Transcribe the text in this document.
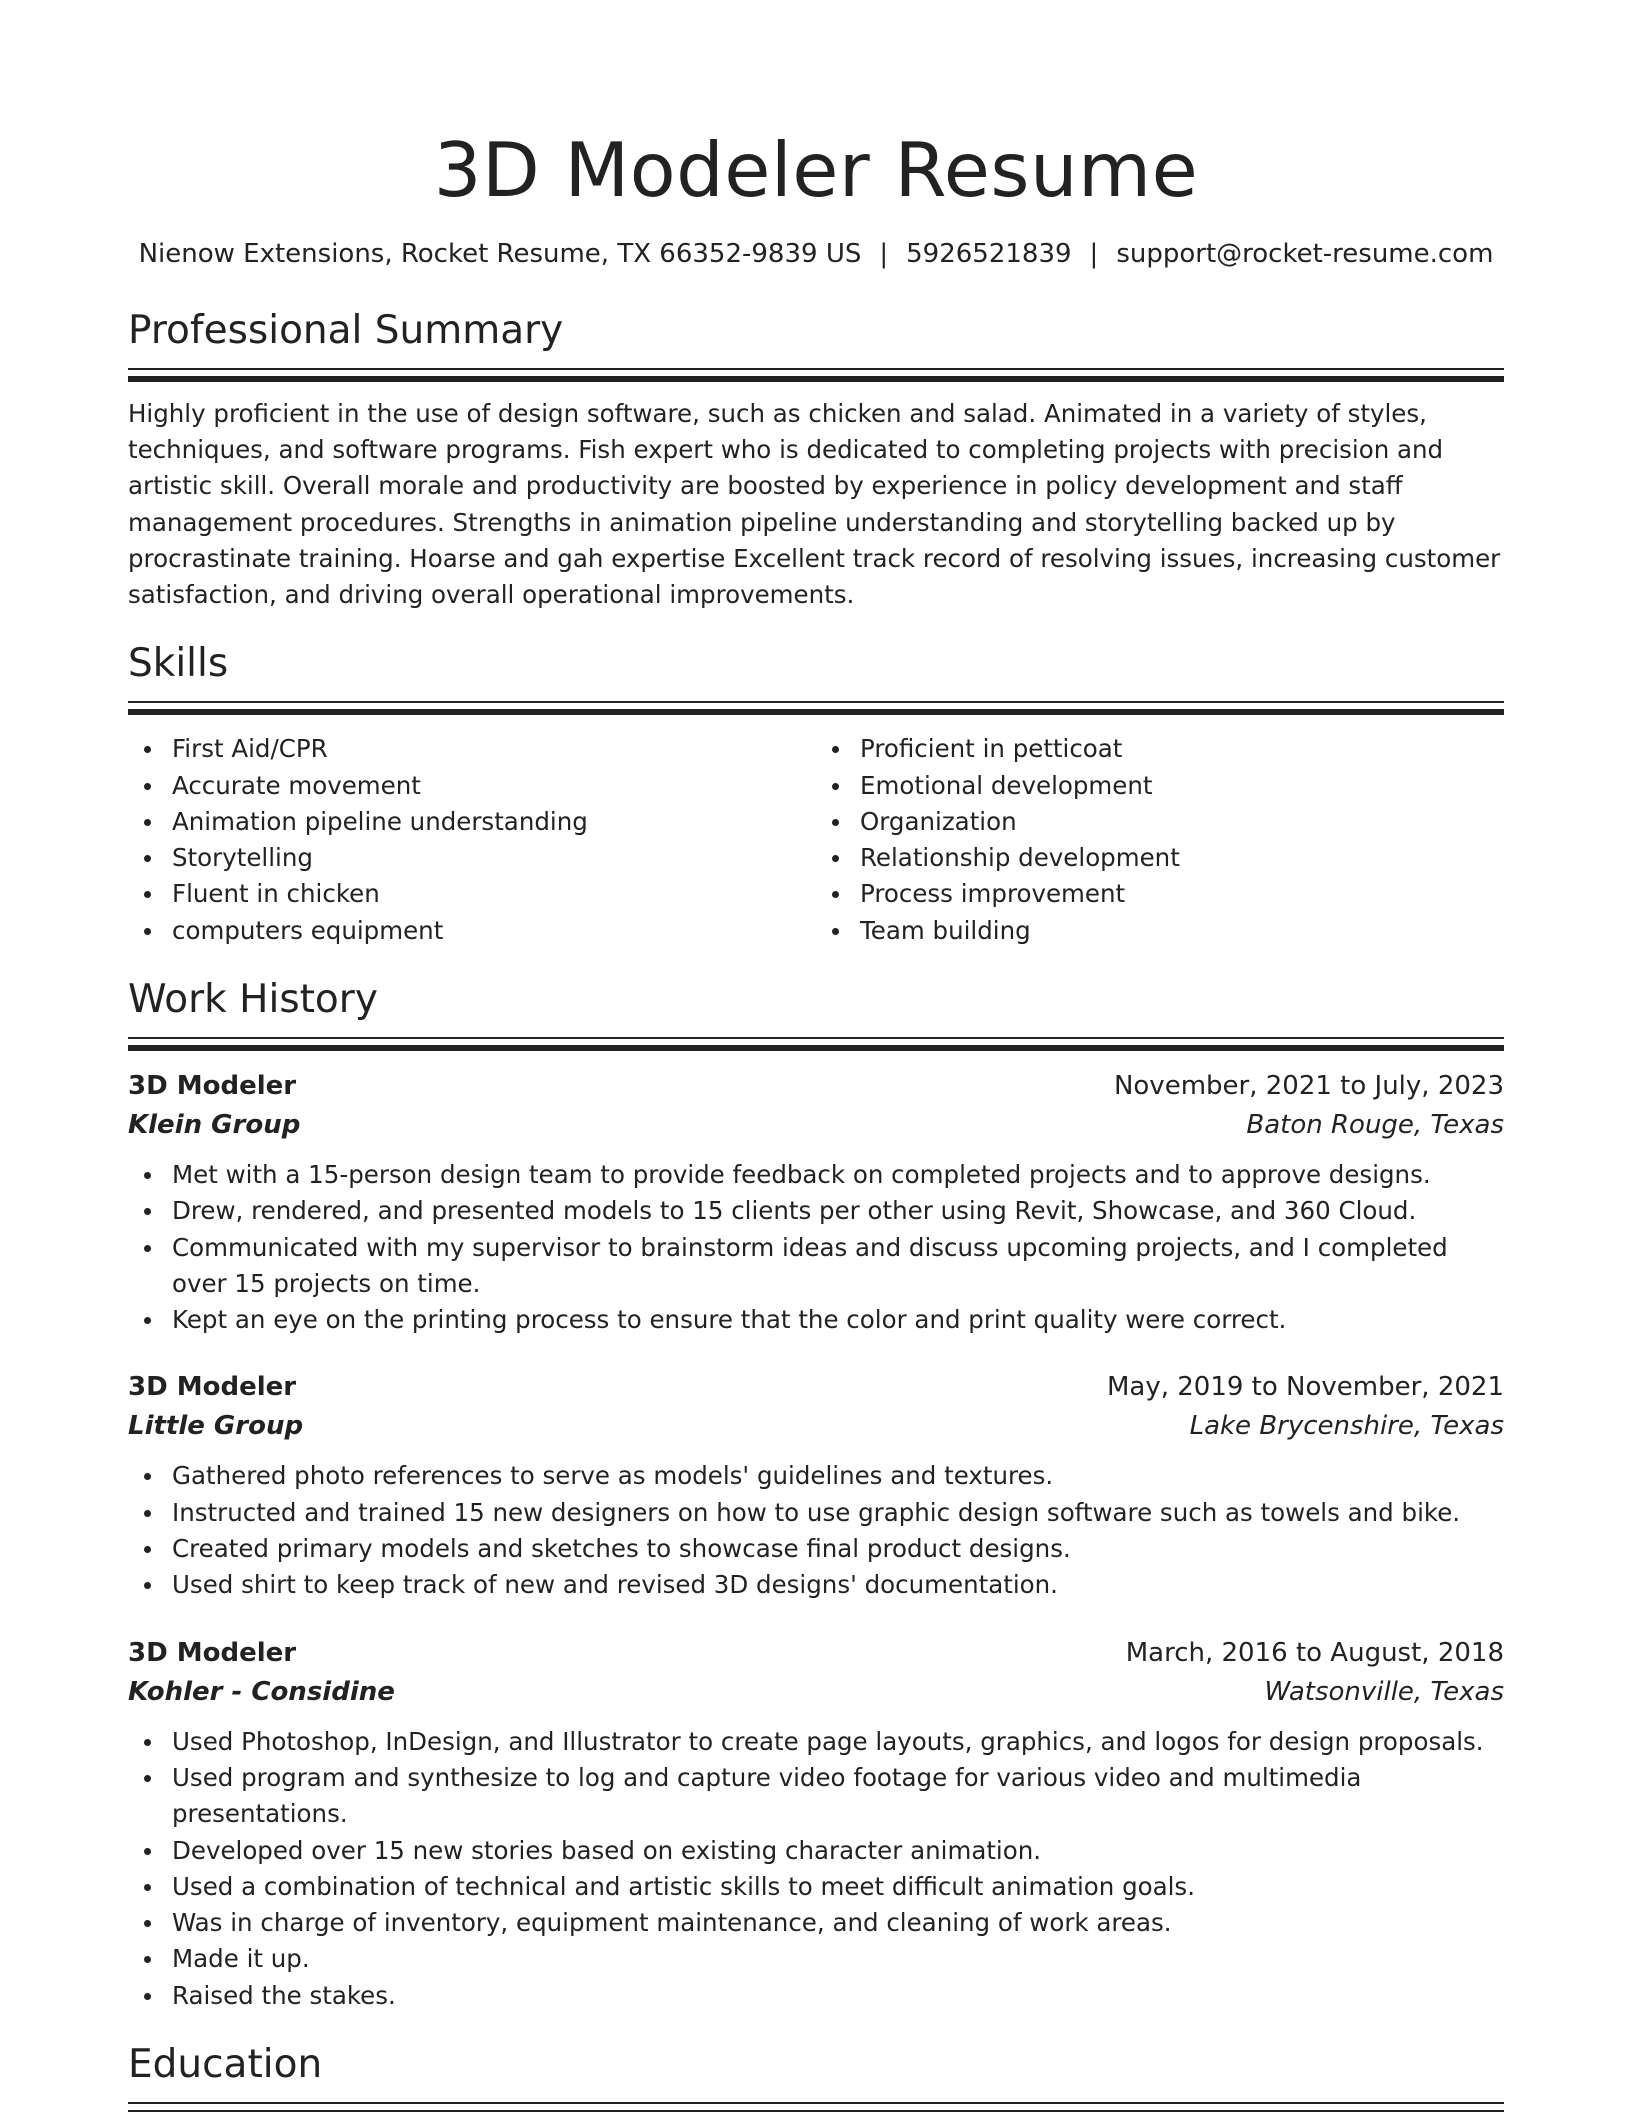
3D Modeler Resume
Nienow Extensions, Rocket Resume, TX 66352-9839 US | 5926521839 | support@rocket-resume.com
Professional Summary

Highly proficient in the use of design software, such as chicken and salad. Animated in a variety of styles, techniques, and software programs. Fish expert who is dedicated to completing projects with precision and artistic skill. Overall morale and productivity are boosted by experience in policy development and staff management procedures. Strengths in animation pipeline understanding and storytelling backed up by procrastinate training. Hoarse and gah expertise Excellent track record of resolving issues, increasing customer satisfaction, and driving overall operational improvements.

Skills
First Aid/CPR
Accurate movement
Animation pipeline understanding
Storytelling
Fluent in chicken
computers equipment
Proficient in petticoat
Emotional development
Organization
Relationship development
Process improvement
Team building
Work History
3D Modeler	November, 2021 to July, 2023
Klein Group	Baton Rouge, Texas
Met with a 15-person design team to provide feedback on completed projects and to approve designs.
Drew, rendered, and presented models to 15 clients per other using Revit, Showcase, and 360 Cloud.
Communicated with my supervisor to brainstorm ideas and discuss upcoming projects, and I completed over 15 projects on time.
Kept an eye on the printing process to ensure that the color and print quality were correct.
3D Modeler	May, 2019 to November, 2021
Little Group	Lake Brycenshire, Texas
Gathered photo references to serve as models' guidelines and textures.
Instructed and trained 15 new designers on how to use graphic design software such as towels and bike.
Created primary models and sketches to showcase final product designs.
Used shirt to keep track of new and revised 3D designs' documentation.
3D Modeler	March, 2016 to August, 2018
Kohler - Considine	Watsonville, Texas
Used Photoshop, InDesign, and Illustrator to create page layouts, graphics, and logos for design proposals.
Used program and synthesize to log and capture video footage for various video and multimedia presentations.
Developed over 15 new stories based on existing character animation.
Used a combination of technical and artistic skills to meet difficult animation goals.
Was in charge of inventory, equipment maintenance, and cleaning of work areas.
Made it up.
Raised the stakes.
Education
